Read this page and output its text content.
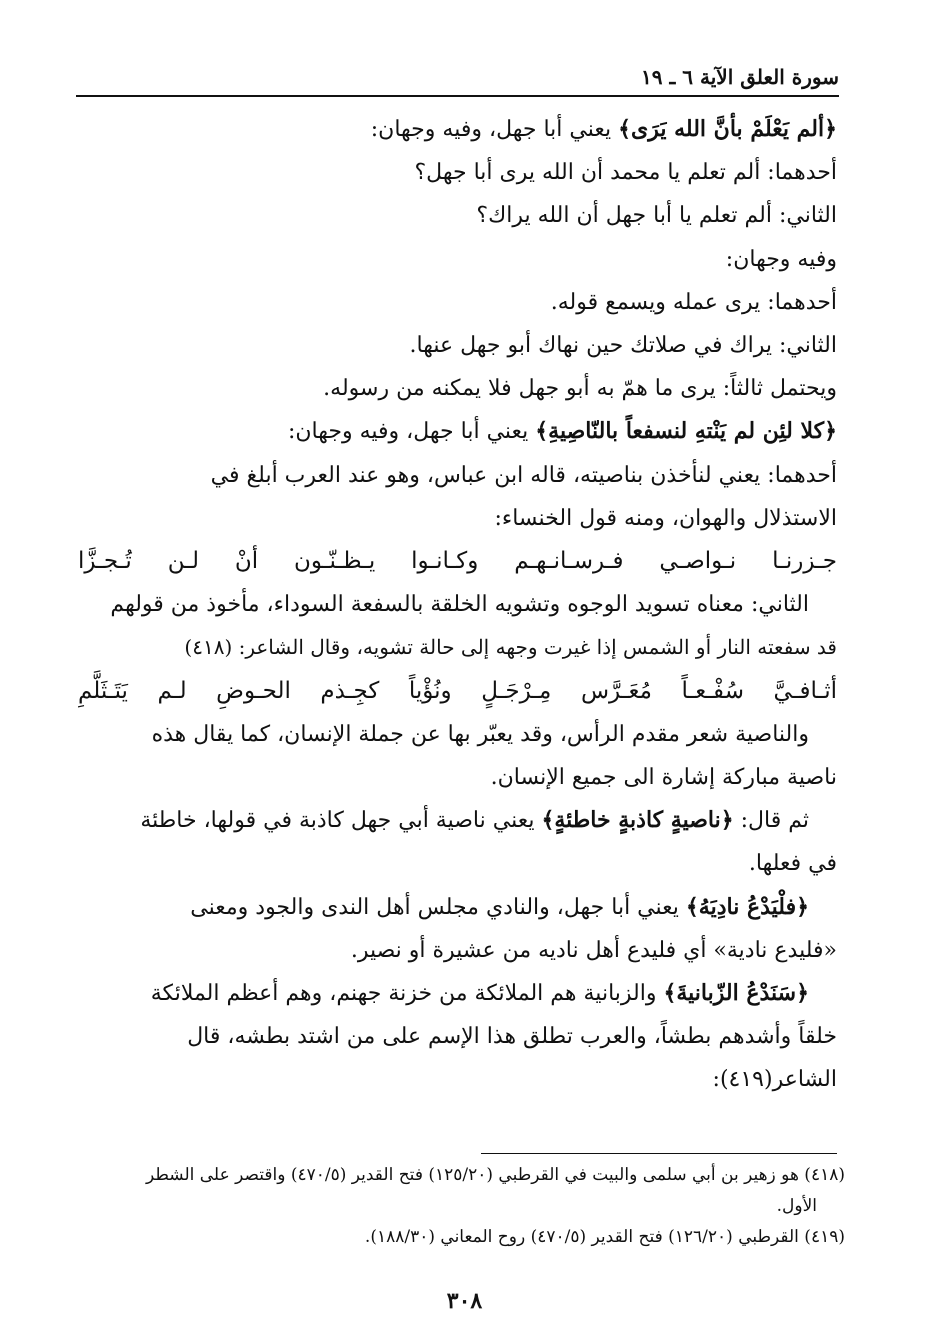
سورة العلق الآية ٦ ـ ١٩

﴿ألم يَعْلَمْ بأنَّ الله يَرَى﴾ يعني أبا جهل، وفيه وجهان:

أحدهما: ألم تعلم يا محمد أن الله يرى أبا جهل؟

الثاني: ألم تعلم يا أبا جهل أن الله يراك؟

وفيه وجهان:

أحدهما: يرى عمله ويسمع قوله.

الثاني: يراك في صلاتك حين نهاك أبو جهل عنها.

ويحتمل ثالثاً: يرى ما همّ به أبو جهل فلا يمكنه من رسوله.

﴿كلا لئِن لم يَنْتهِ لنسفعاً بالنّاصِيةِ﴾ يعني أبا جهل، وفيه وجهان:

أحدهما: يعني لنأخذن بناصيته، قاله ابن عباس، وهو عند العرب أبلغ في

الاستذلال والهوان، ومنه قول الخنساء:

جـزرنـا نـواصـي فـرسـانـهـم وكـانـوا يـظـنّـون أنْ لـن تُـجـزَّا

الثاني: معناه تسويد الوجوه وتشويه الخلقة بالسفعة السوداء، مأخوذ من قولهم

قد سفعته النار أو الشمس إذا غيرت وجهه إلى حالة تشويه، وقال الشاعر: (٤١٨)

أثـافـيَّ سُفْـعـاً مُعَـرَّس مِـرْجَـلٍ ونُؤْياً كجِـذم الحـوضِ لـم يَتَـثَلَّمِ

والناصية شعر مقدم الرأس، وقد يعبّر بها عن جملة الإنسان، كما يقال هذه

ناصية مباركة إشارة الى جميع الإنسان.

ثم قال: ﴿ناصيةٍ كاذبةٍ خاطئةٍ﴾ يعني ناصية أبي جهل كاذبة في قولها، خاطئة

في فعلها.

﴿فلْيَدْعُ نادِيَهُ﴾ يعني أبا جهل، والنادي مجلس أهل الندى والجود ومعنى

«فليدع نادية» أي فليدع أهل ناديه من عشيرة أو نصير.

﴿سَنَدْعُ الزّبانيةَ﴾ والزبانية هم الملائكة من خزنة جهنم، وهم أعظم الملائكة

خلقاً وأشدهم بطشاً، والعرب تطلق هذا الإسم على من اشتد بطشه، قال

الشاعر(٤١٩):

(٤١٨) هو زهير بن أبي سلمى والبيت في القرطبي (١٢٥/٢٠) فتح القدير (٤٧٠/٥) واقتصر على الشطر

الأول.

(٤١٩) القرطبي (١٢٦/٢٠) فتح القدير (٤٧٠/٥) روح المعاني (١٨٨/٣٠).

٣٠٨
